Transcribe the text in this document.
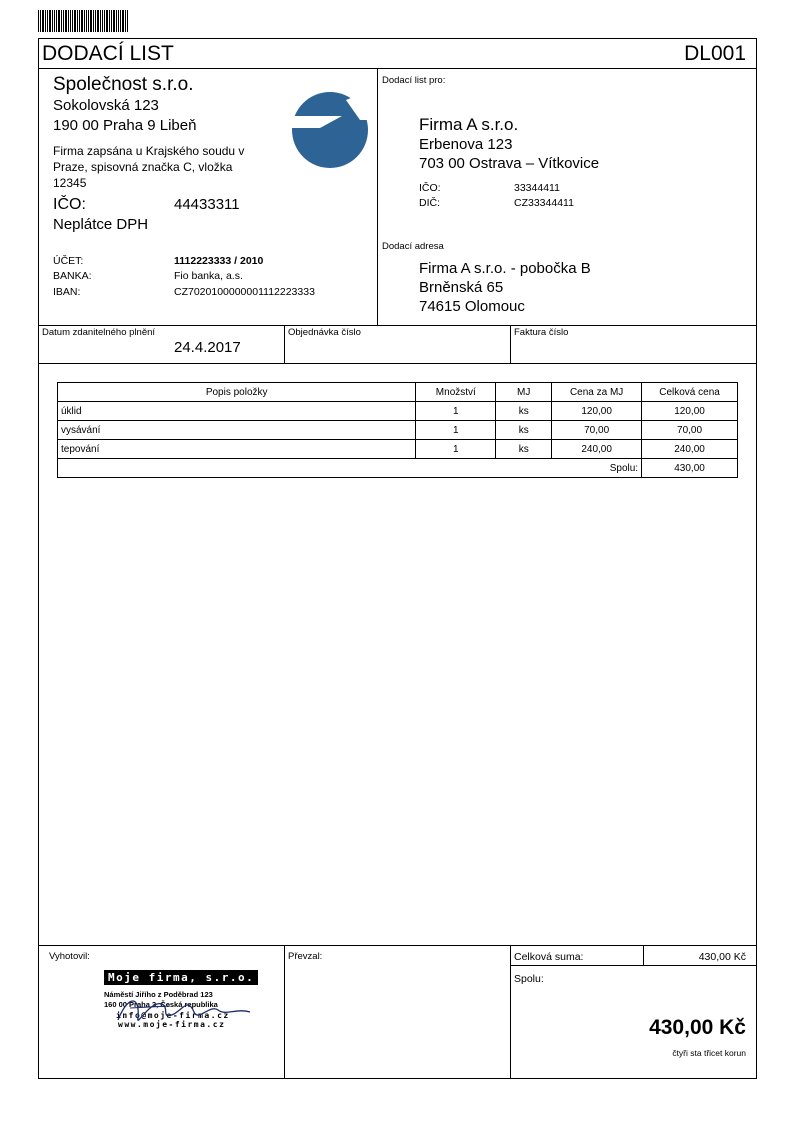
DODACÍ LIST	DL001
Společnost s.r.o.
Sokolovská 123
190 00 Praha 9 Libeň
Firma zapsána u Krajského soudu v
Praze, spisovná značka C, vložka
12345
IČO:	44433311
Neplátce DPH
ÚČET:	1112223333 / 2010
BANKA:	Fio banka, a.s.
IBAN:	CZ7020100000001112223333
Dodací list pro:
Firma A s.r.o.
Erbenova 123
703 00 Ostrava – Vítkovice
IČO:	33344411
DIČ:	CZ33344411
Dodací adresa
Firma A s.r.o. - pobočka B
Brněnská 65
74615 Olomouc
Datum zdanitelného plnění
24.4.2017
Objednávka číslo	Faktura číslo
Popis položky	Množství	MJ	Cena za MJ	Celková cena
úklid	1	ks	120,00	120,00
vysávání	1	ks	70,00	70,00
tepování	1	ks	240,00	240,00
Spolu:				430,00
Vyhotovil:	Převzal:	Celková suma:	430,00 Kč
Spolu:
430,00 Kč
čtyři sta třicet korun
Moje firma, s.r.o.
Náměstí Jiřího z Poděbrad 123
160 00 Praha 3, Česká republika
info@moje-firma.cz
www.moje-firma.cz
